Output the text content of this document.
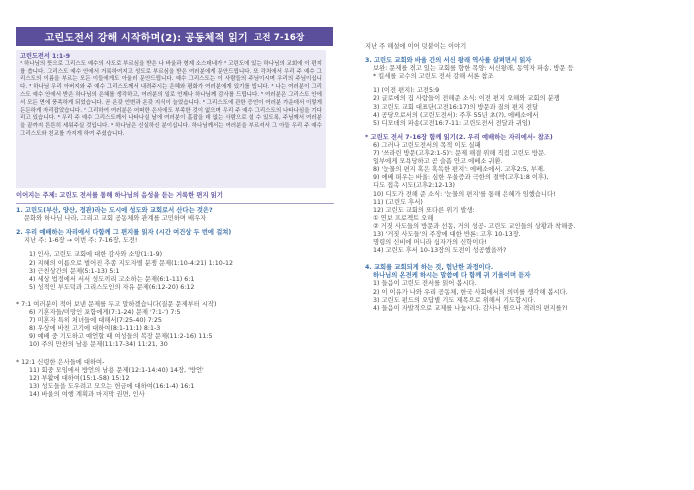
고린도전서 강해 시작하며(2): 공동체적 읽기 고전 7-16장
고린도전서 1:1-9
¹ 하나님의 뜻으로 그리스도 예수의 사도로 부르심을 받은 나 바울과 형제 소스데네가 ² 고린도에 있는 하나님의 교회에 이 편지를 씁니다. 그리스도 예수 안에서 거룩하여지고 성도로 부르심을 받은 여러분에게 문안드립니다. 또 각처에서 우리 주 예수 그리스도의 이름을 부르는 모든 이들에게도 아울러 문안드립니다. 예수 그리스도는 이 사람들의 주님이시며 우리의 주님이십니다. ³ 하나님 우리 아버지와 주 예수 그리스도께서 내려주시는 은혜와 평화가 여러분에게 있기를 빕니다. ⁴ 나는 여러분이 그리스도 예수 안에서 받은 하나님의 은혜를 생각하고, 여러분의 일로 언제나 하나님께 감사를 드립니다. ⁵ 여러분은 그리스도 안에서 모든 면에 풍족하게 되었습니다. 곧 온갖 언변과 온갖 지식이 늘었습니다. ⁶ 그리스도에 관한 증언이 여러분 가운데서 이렇게 든든하게 자리잡았습니다. ⁷ 그리하여 여러분은 어떠한 은사에도 부족한 것이 없으며 우리 주 예수 그리스도의 나타나심을 기다리고 있습니다. ⁸ 우리 주 예수 그리스도께서 나타나실 날에 여러분이 흠잡을 데 없는 사람으로 설 수 있도록, 주님께서 여러분을 끝까지 튼튼히 세워주실 것입니다. ⁹ 하나님은 신실하신 분이십니다. 하나님께서는 여러분을 부르셔서 그 아들 우리 주 예수 그리스도와 친교를 가지게 하여 주셨습니다.
이어지는 주제: 고린도 전서를 통해 하나님의 음성을 듣는 거룩한 편지 읽기
1. 고린도(부산, 양산, 정관)라는 도시에 성도와 교회로서 산다는 것은?
문화와 하나님 나라, 그리고 교회 공동체와 관계를 고민하며 배우자
2. 우리 예배하는 자리에서 다함께 그 편지를 읽자 (시간 여건상 두 번에 걸쳐)
지난 주: 1-6장 → 이번 주: 7-16장, 도전!
1) 인사, 고린도 교회에 대한 감사와 소망(1:1-9)
2) 지혜의 이름으로 벌어진 추종 지도자별 분쟁 문제(1:10-4:21) 1:10-12
3) 근친상간의 문제(5:1-13) 5:1
4) 세상 법정에서 서서 성도끼리 고소하는 문제(6:1-11) 6:1
5) 성적인 부도덕과 그리스도인의 자유 문제(6:12-20) 6:12
* 7:1 여러분이 적어 보낸 문제를 두고 말하겠습니다(질문 문제부터 시작)
6) 기혼자들/미망인 포함에게(7:1-24) 문제 '7:1-') 7:5
7) 미혼자 특히 처녀들에 대해서(7:25-40) 7:25
8) 우상에 바친 고기에 대하여(8:1-11:1) 8:1-3
9) 예배 중 기도하고 예언할 때 여성들의 복장 문제(11:2-16) 11:5
10) 주의 만찬의 남용 문제(11:17-34) 11:21, 30
* 12:1 신령한 은사들에 대하여-
11) 회중 모임에서 방언의 남용 문제(12:1-14:40) 14장, '방언'
12) 부활에 대하여(15:1-58) 15:12
13) 성도들을 도우려고 모으는 헌금에 대하여(16:1-4) 16:1
14) 바울의 여행 계획과 마지막 권면, 인사
지난 주 해설에 이어 덧붙이는 이야기
3. 고린도 교회와 바울 간의 서신 왕래 역사를 살펴면서 읽자
보완: 문제를 겪고 있는 교회를 향한 목양: 서신왕래, 동역자 파송, 방문 등
* 킬세를 교수의 고린도 전서 강해 서론 참조
1) (이전 편지): 고전5:9
2) 글로에의 집 사람들이 전해준 소식: 이전 편지 오해와 교회의 분쟁
3) 고린도 교회 대표단(고전16:17)의 방문과 질의 편지 전달
4) 공당으로서의 (고린도전서): 주후 55년 초(?), 에베소에서
5) 디모데의 파송(고전16:7-11: 고린도전서 전달과 귀임)
* 고린도 전서 7-16장 함께 읽기(2. 우리 예배하는 자리에서- 참조)
6) 그러나 고린도전서의 목적 이도 실패
7) '쓰라린 방문(고후2:1-5)': 문제 해결 위해 직접 고린도 방문.
일부에게 모욕당하고 곧 슬픔 안고 에베소 귀환.
8) '눈물의 편지 혹은 혹독한 편지': 에베소에서. 고후2:5, 부재.
9) 에베 떠우는 바울: 심한 우울증과 극한의 절박(고후1:8 이후),
디도 접촉 시도(고후2:12-13)
10) 디도가 전해 준 소식: '눈물의 편지'를 통해 은혜가 임했습니다!
11) (고린도 후서)
12) 고린도 교회의 또다른 위기 발생:
① 연보 프로젝트 오해
② 거짓 사도들의 방문과 선동, 거의 성공- 고린도 교인들의 상황과 착해중.
13) '거짓 사도들'의 주장에 대한 반론: 고후 10-13장.
명령의 신비에 머니라 십자가의 신학이다!
14) 고린도 후서 10-13장의 도전이 성공했을까?
4. 교회를 교회되게 하는 것, 험난한 과정이다.
하나님의 온전케 하시는 말씀에 다 함께 귀 기울이며 듣자
1) 들음이 고린도 전서를 읽어 봅시다.
2) 이 이유가 나와 우리 공동체, 한국 사회에서의 의미를 생각해 봅시다.
3) 고린도 펀드의 오답별 기도 제목으로 위해서 기도합시다.
4) 들음이 자발적으로 교제를 나눕시다. 감사나 원으나 격려의 편지를?!
